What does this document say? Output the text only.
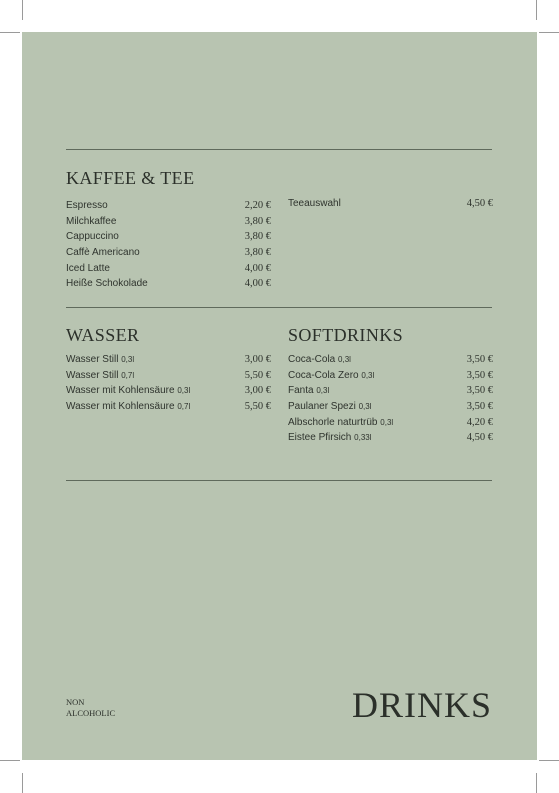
KAFFEE & TEE
Espresso	2,20 €
Milchkaffee	3,80 €
Cappuccino	3,80 €
Caffè Americano	3,80 €
Iced Latte	4,00 €
Heiße Schokolade	4,00 €
Teeauswahl	4,50 €
WASSER
Wasser Still 0,3l	3,00 €
Wasser Still 0,7l	5,50 €
Wasser mit Kohlensäure 0,3l	3,00 €
Wasser mit Kohlensäure 0,7l	5,50 €
SOFTDRINKS
Coca-Cola 0,3l	3,50 €
Coca-Cola Zero 0,3l	3,50 €
Fanta 0,3l	3,50 €
Paulaner Spezi 0,3l	3,50 €
Albschorle naturtrüb 0,3l	4,20 €
Eistee Pfirsich 0,33l	4,50 €
NON
ALCOHOLIC	DRINKS
